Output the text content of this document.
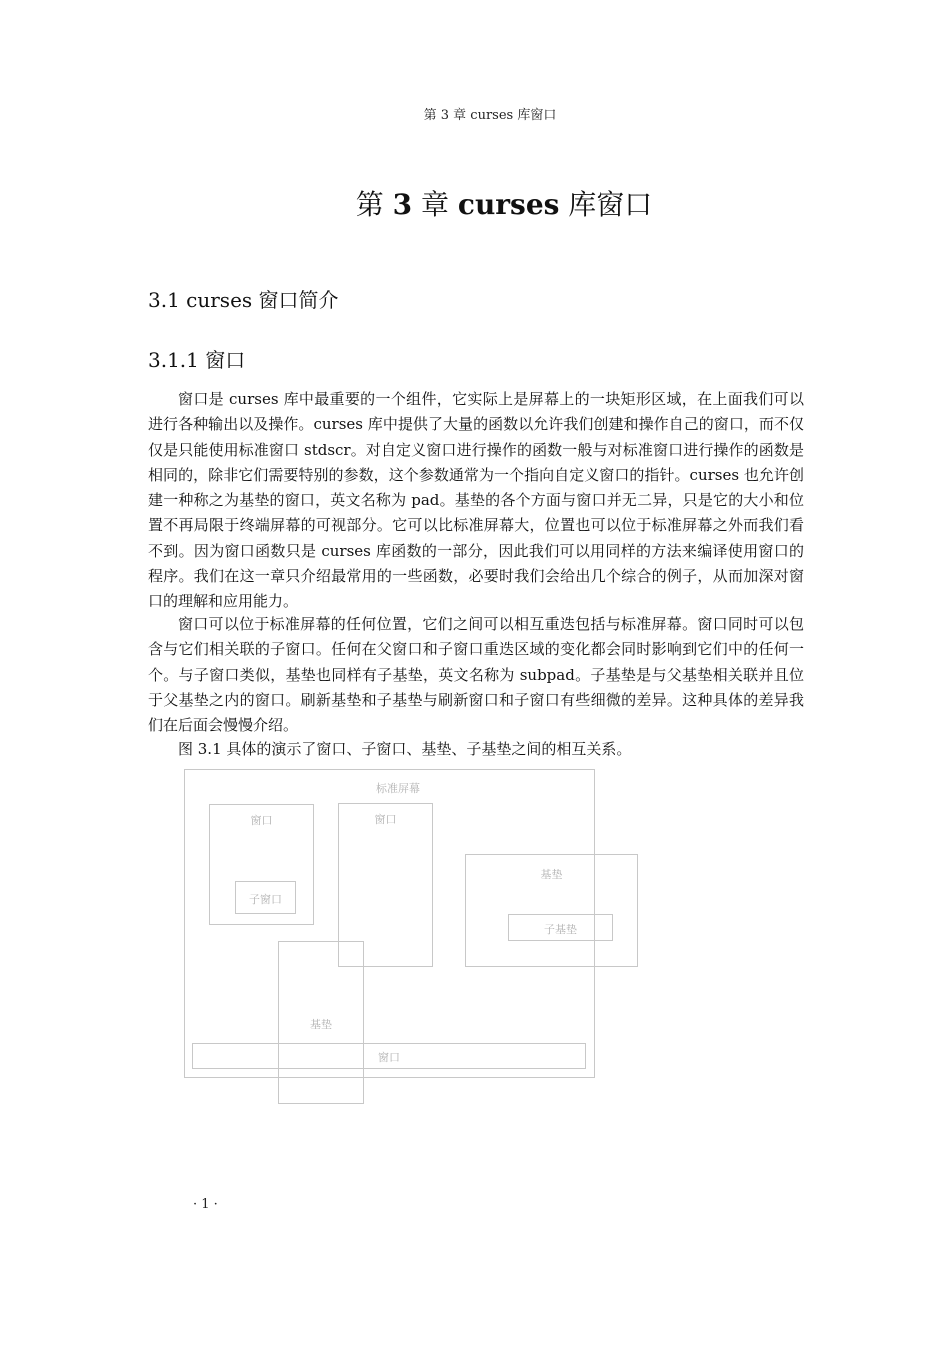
第 3 章 curses 库窗口
第 3 章 curses 库窗口
3.1 curses 窗口简介
3.1.1 窗口

窗口是 curses 库中最重要的一个组件，它实际上是屏幕上的一块矩形区域，在上面我们可以进行各种输出以及操作。curses 库中提供了大量的函数以允许我们创建和操作自己的窗口，而不仅仅是只能使用标准窗口 stdscr。对自定义窗口进行操作的函数一般与对标准窗口进行操作的函数是相同的，除非它们需要特别的参数，这个参数通常为一个指向自定义窗口的指针。curses 也允许创建一种称之为基垫的窗口，英文名称为 pad。基垫的各个方面与窗口并无二异，只是它的大小和位置不再局限于终端屏幕的可视部分。它可以比标准屏幕大，位置也可以位于标准屏幕之外而我们看不到。因为窗口函数只是 curses 库函数的一部分，因此我们可以用同样的方法来编译使用窗口的程序。我们在这一章只介绍最常用的一些函数，必要时我们会给出几个综合的例子，从而加深对窗口的理解和应用能力。

窗口可以位于标准屏幕的任何位置，它们之间可以相互重迭包括与标准屏幕。窗口同时可以包含与它们相关联的子窗口。任何在父窗口和子窗口重迭区域的变化都会同时影响到它们中的任何一个。与子窗口类似，基垫也同样有子基垫，英文名称为 subpad。子基垫是与父基垫相关联并且位于父基垫之内的窗口。刷新基垫和子基垫与刷新窗口和子窗口有些细微的差异。这种具体的差异我们在后面会慢慢介绍。

图 3.1 具体的演示了窗口、子窗口、基垫、子基垫之间的相互关系。

标准屏幕
窗口
子窗口
窗口
基垫
子基垫
基垫
窗口
· 1 ·
